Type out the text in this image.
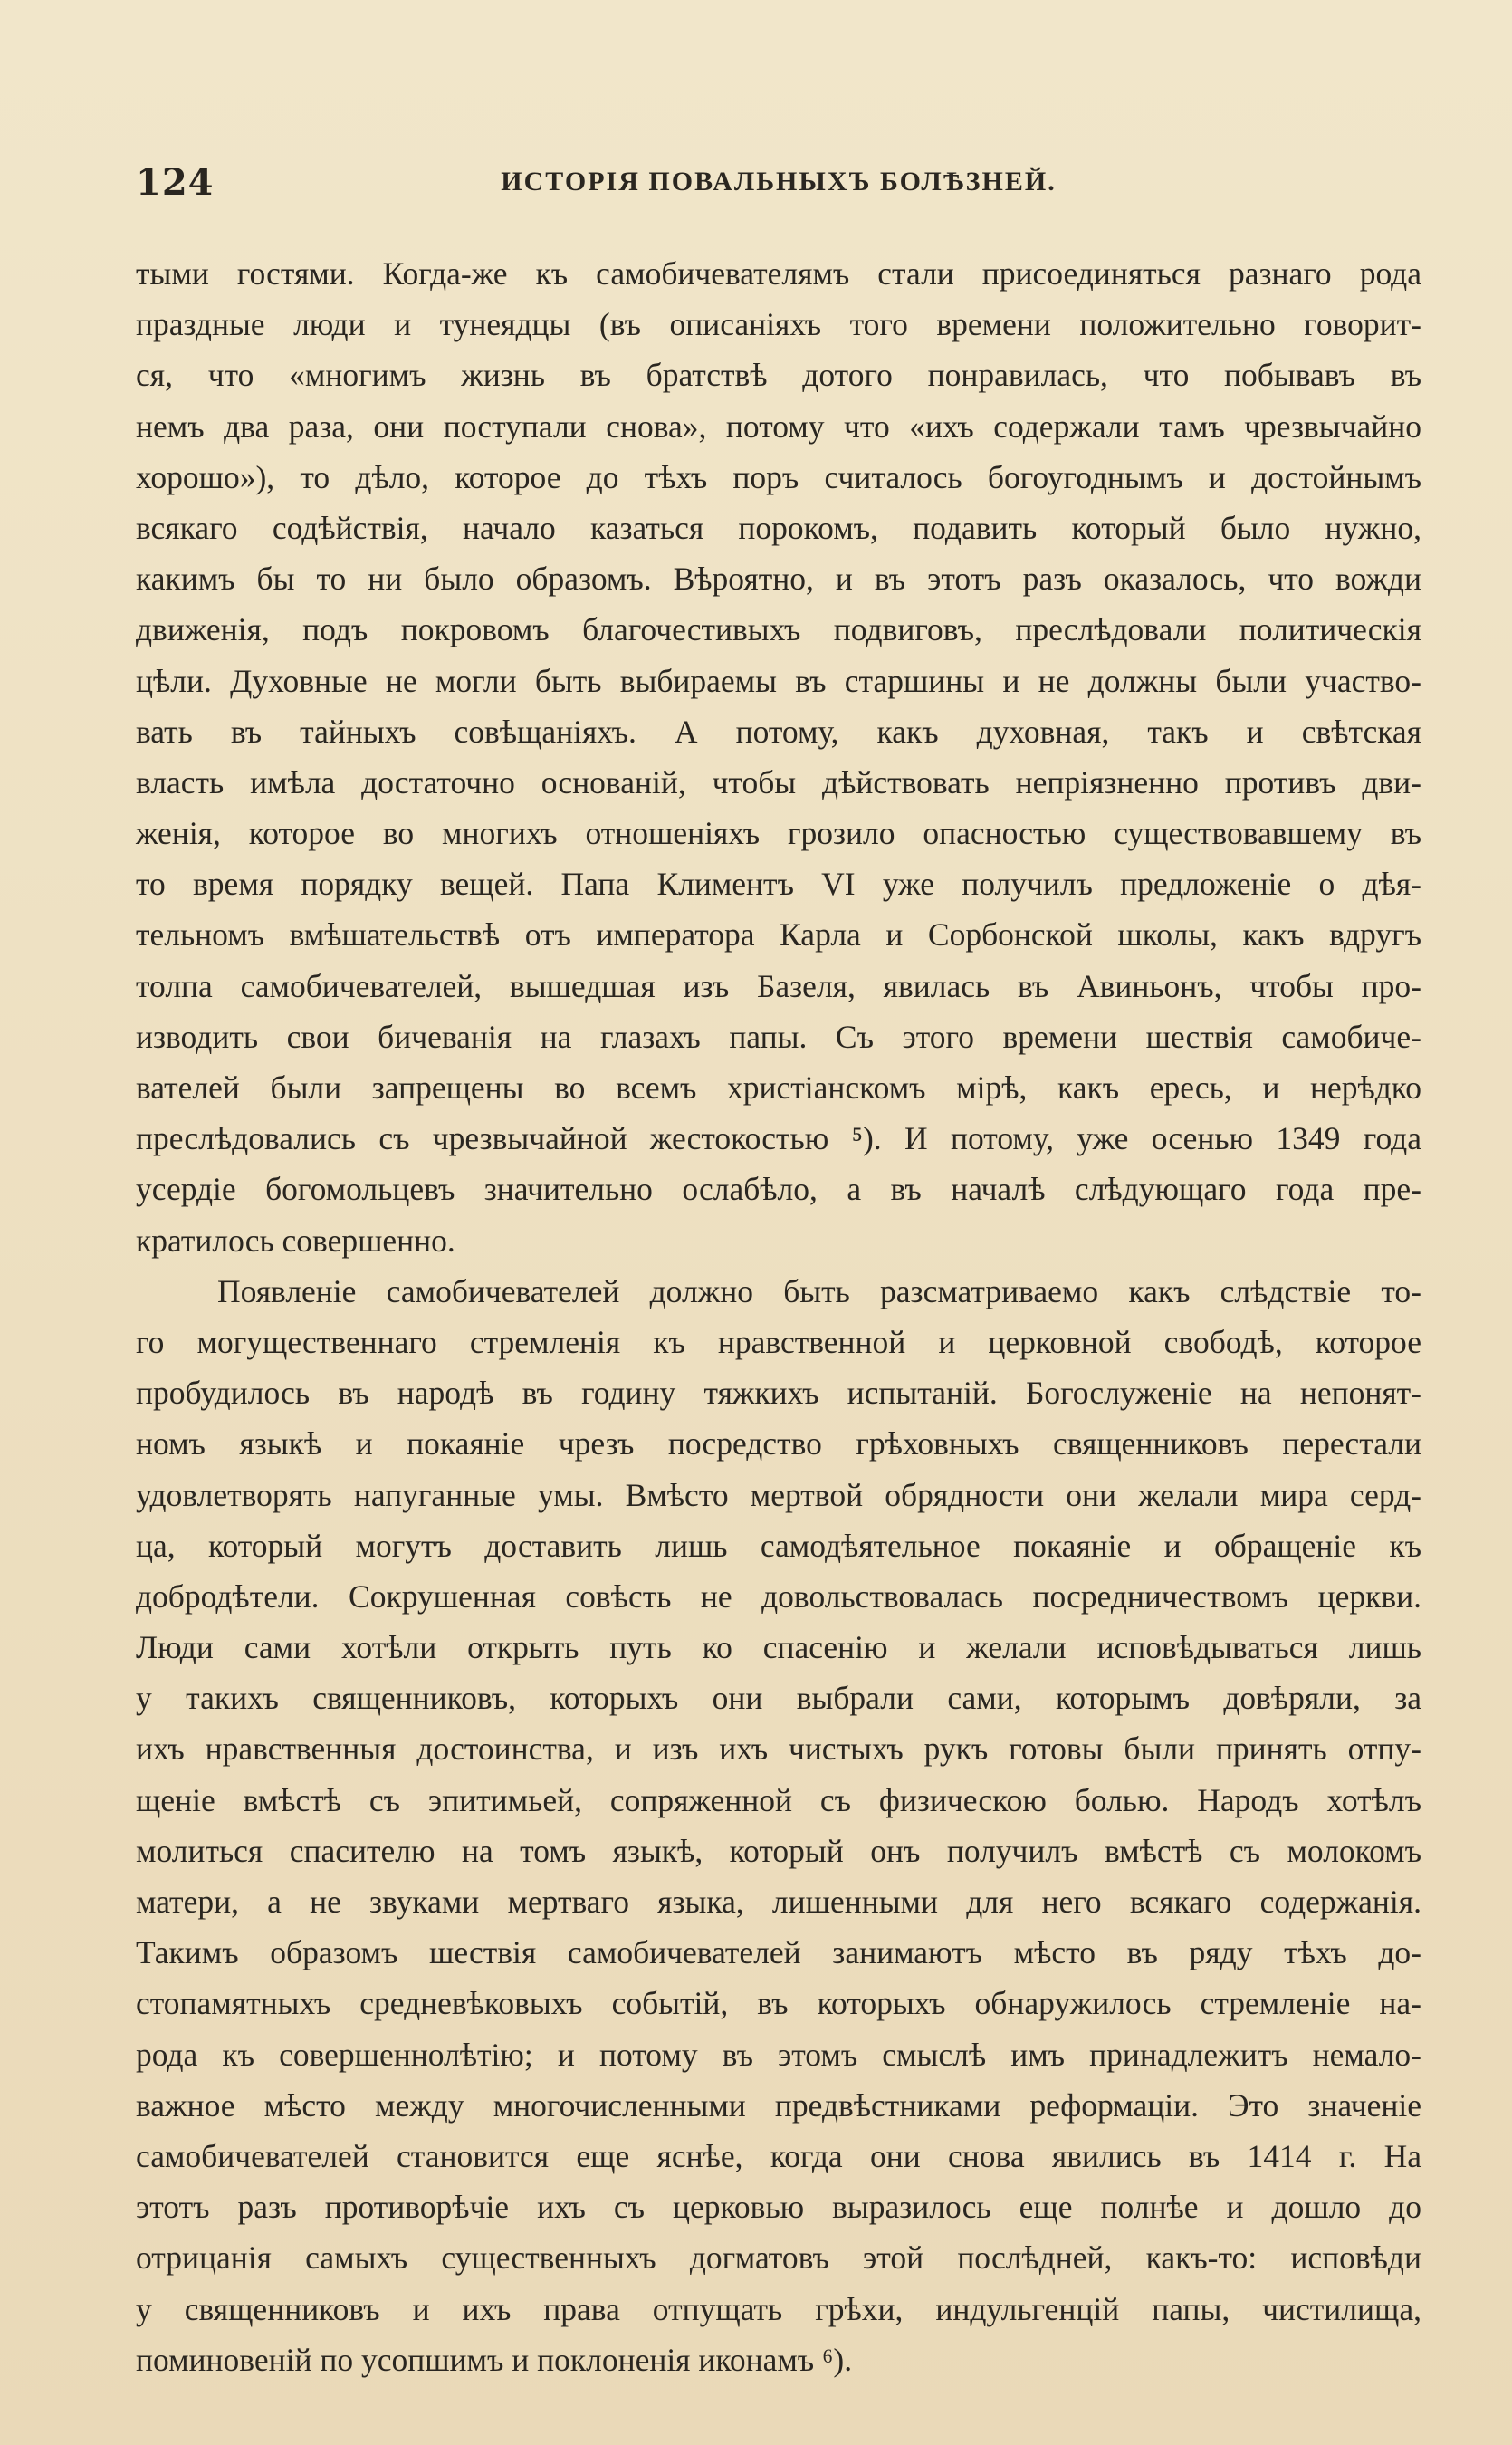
124	ИСТОРІЯ ПОВАЛЬНЫХЪ БОЛѢЗНЕЙ.
тыми гостями. Когда-же къ самобичевателямъ стали присоединяться разнаго рода
праздные люди и тунеядцы (въ описаніяхъ того времени положительно говорит-
ся, что «многимъ жизнь въ братствѣ дотого понравилась, что побывавъ въ
немъ два раза, они поступали снова», потому что «ихъ содержали тамъ чрезвычайно
хорошо»), то дѣло, которое до тѣхъ поръ считалось богоугоднымъ и достойнымъ
всякаго содѣйствія, начало казаться порокомъ, подавить который было нужно,
какимъ бы то ни было образомъ. Вѣроятно, и въ этотъ разъ оказалось, что вожди
движенія, подъ покровомъ благочестивыхъ подвиговъ, преслѣдовали политическія
цѣли. Духовные не могли быть выбираемы въ старшины и не должны были участво-
вать въ тайныхъ совѣщаніяхъ. А потому, какъ духовная, такъ и свѣтская
власть имѣла достаточно основаній, чтобы дѣйствовать непріязненно противъ дви-
женія, которое во многихъ отношеніяхъ грозило опасностью существовавшему въ
то время порядку вещей. Папа Климентъ VI уже получилъ предложеніе о дѣя-
тельномъ вмѣшательствѣ отъ императора Карла и Сорбонской школы, какъ вдругъ
толпа самобичевателей, вышедшая изъ Базеля, явилась въ Авиньонъ, чтобы про-
изводить свои бичеванія на глазахъ папы. Съ этого времени шествія самобиче-
вателей были запрещены во всемъ христіанскомъ мірѣ, какъ ересь, и нерѣдко
преслѣдовались съ чрезвычайной жестокостью ⁵). И потому, уже осенью 1349 года
усердіе богомольцевъ значительно ослабѣло, а въ началѣ слѣдующаго года пре-
кратилось совершенно.
Появленіе самобичевателей должно быть разсматриваемо какъ слѣдствіе то-
го могущественнаго стремленія къ нравственной и церковной свободѣ, которое
пробудилось въ народѣ въ годину тяжкихъ испытаній. Богослуженіе на непонят-
номъ языкѣ и покаяніе чрезъ посредство грѣховныхъ священниковъ перестали
удовлетворять напуганные умы. Вмѣсто мертвой обрядности они желали мира серд-
ца, который могутъ доставить лишь самодѣятельное покаяніе и обращеніе къ
добродѣтели. Сокрушенная совѣсть не довольствовалась посредничествомъ церкви.
Люди сами хотѣли открыть путь ко спасенію и желали исповѣдываться лишь
у такихъ священниковъ, которыхъ они выбрали сами, которымъ довѣряли, за
ихъ нравственныя достоинства, и изъ ихъ чистыхъ рукъ готовы были принять отпу-
щеніе вмѣстѣ съ эпитимьей, сопряженной съ физическою болью. Народъ хотѣлъ
молиться спасителю на томъ языкѣ, который онъ получилъ вмѣстѣ съ молокомъ
матери, а не звуками мертваго языка, лишенными для него всякаго содержанія.
Такимъ образомъ шествія самобичевателей занимаютъ мѣсто въ ряду тѣхъ до-
стопамятныхъ средневѣковыхъ событій, въ которыхъ обнаружилось стремленіе на-
рода къ совершеннолѣтію; и потому въ этомъ смыслѣ имъ принадлежитъ немало-
важное мѣсто между многочисленными предвѣстниками реформаціи. Это значеніе
самобичевателей становится еще яснѣе, когда они снова явились въ 1414 г. На
этотъ разъ противорѣчіе ихъ съ церковью выразилось еще полнѣе и дошло до
отрицанія самыхъ существенныхъ догматовъ этой послѣдней, какъ-то: исповѣди
у священниковъ и ихъ права отпущать грѣхи, индульгенцій папы, чистилища,
поминовеній по усопшимъ и поклоненія иконамъ ⁶).
